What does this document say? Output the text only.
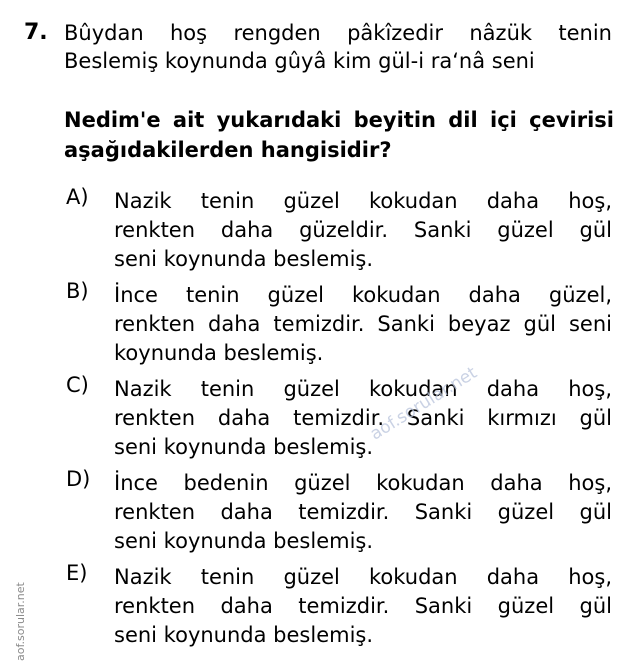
7. Bûydan hoş rengden pâkîzedir nâzük tenin
Beslemiş koynunda gûyâ kim gül-i ra‘nâ seni
Nedim'e ait yukarıdaki beyitin dil içi çevirisi
aşağıdakilerden hangisidir?
A) Nazik tenin güzel kokudan daha hoş,
renkten daha güzeldir. Sanki güzel gül
seni koynunda beslemiş.
B) İnce tenin güzel kokudan daha güzel,
renkten daha temizdir. Sanki beyaz gül seni
koynunda beslemiş.
C) Nazik tenin güzel kokudan daha hoş,
renkten daha temizdir. Sanki kırmızı gül
seni koynunda beslemiş.
D) İnce bedenin güzel kokudan daha hoş,
renkten daha temizdir. Sanki güzel gül
seni koynunda beslemiş.
E) Nazik tenin güzel kokudan daha hoş,
renkten daha temizdir. Sanki güzel gül
seni koynunda beslemiş.
aof.sorular.net
aof.sorular.net
